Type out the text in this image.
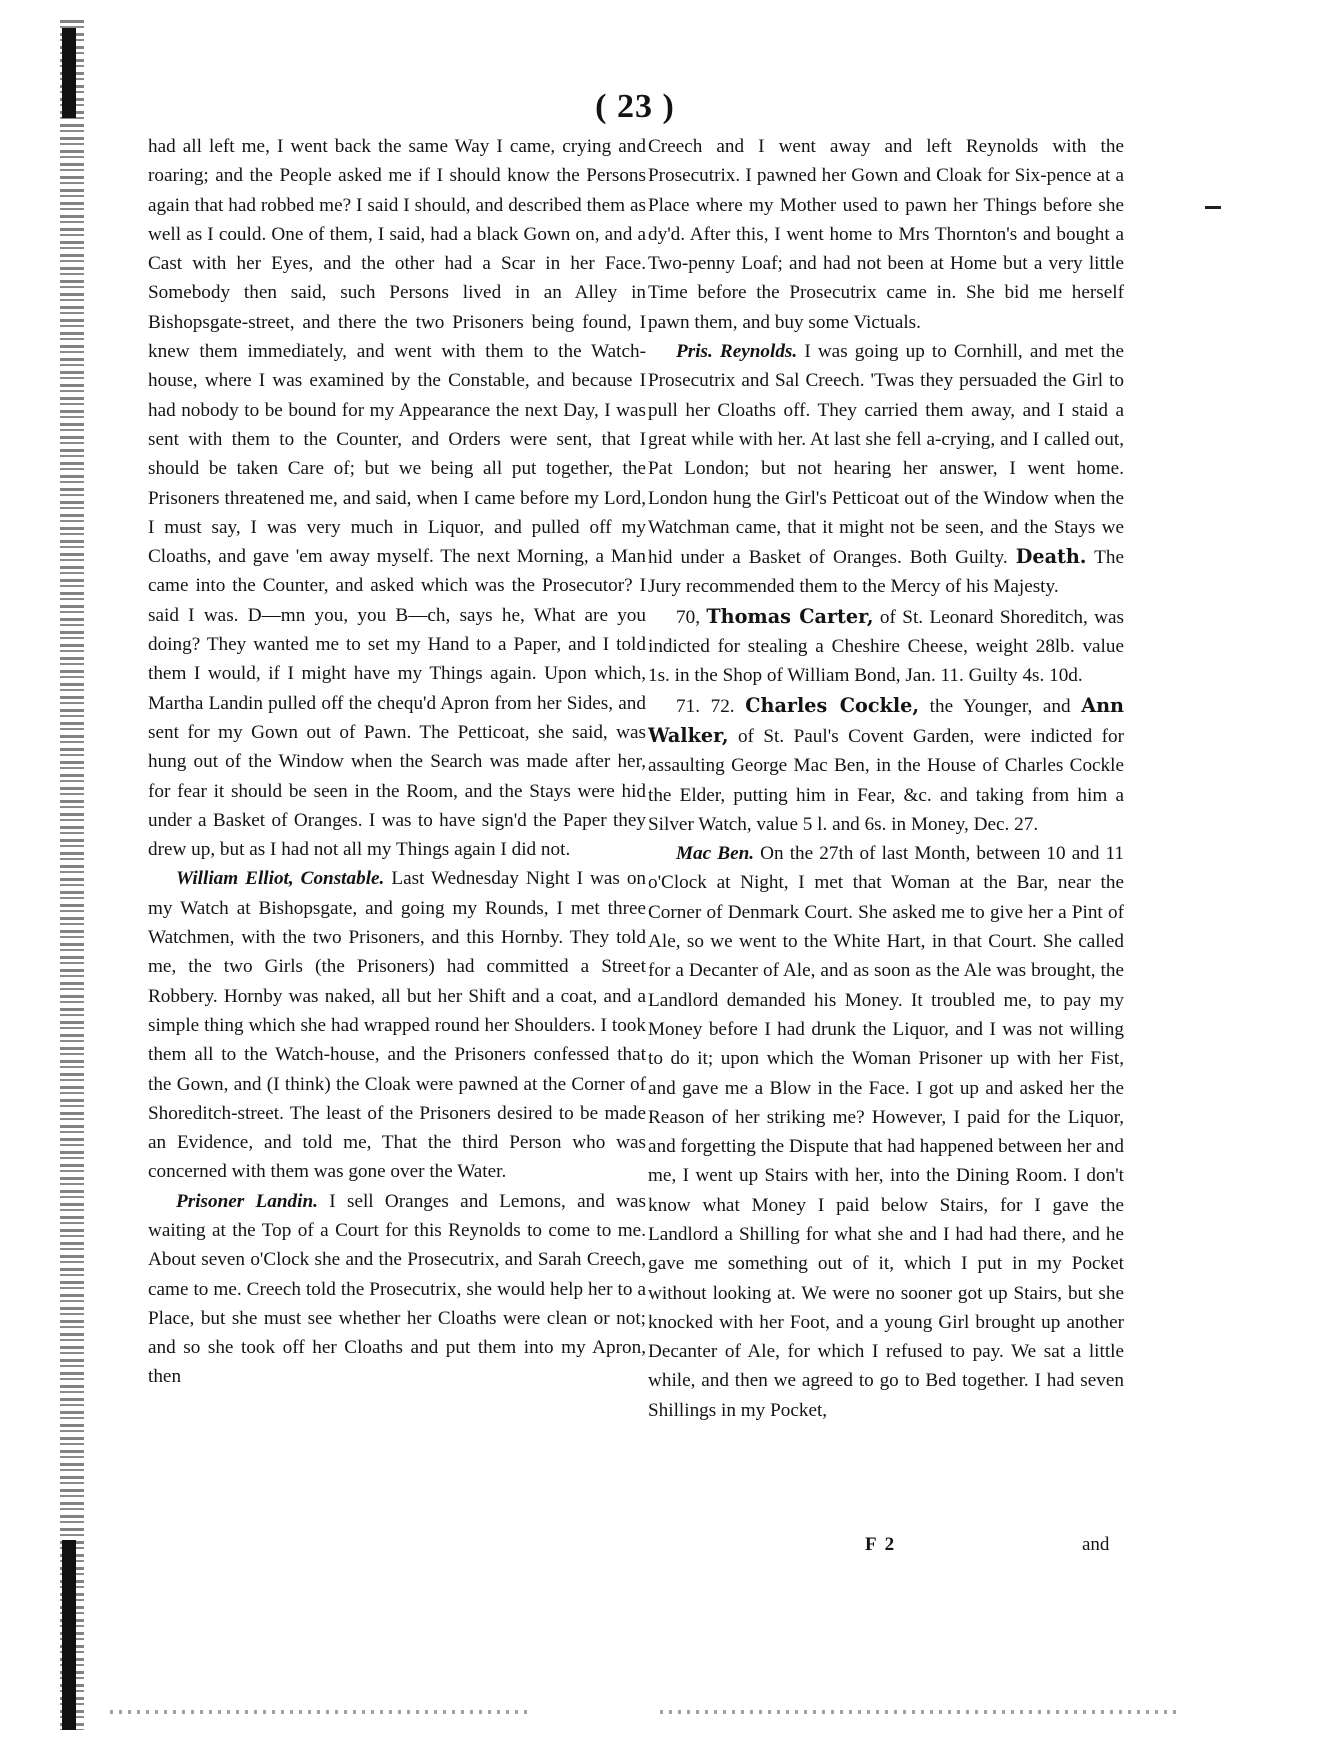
( 23 )

had all left me, I went back the same Way I came, crying and roaring; and the People asked me if I should know the Persons again that had robbed me? I said I should, and described them as well as I could. One of them, I said, had a black Gown on, and a Cast with her Eyes, and the other had a Scar in her Face. Somebody then said, such Persons lived in an Alley in Bishopsgate-street, and there the two Prisoners being found, I knew them immediately, and went with them to the Watch-house, where I was examined by the Constable, and because I had nobody to be bound for my Appearance the next Day, I was sent with them to the Counter, and Orders were sent, that I should be taken Care of; but we being all put together, the Prisoners threatened me, and said, when I came before my Lord, I must say, I was very much in Liquor, and pulled off my Cloaths, and gave 'em away myself. The next Morning, a Man came into the Counter, and asked which was the Prosecutor? I said I was. D—mn you, you B—ch, says he, What are you doing? They wanted me to set my Hand to a Paper, and I told them I would, if I might have my Things again. Upon which, Martha Landin pulled off the chequ'd Apron from her Sides, and sent for my Gown out of Pawn. The Petticoat, she said, was hung out of the Window when the Search was made after her, for fear it should be seen in the Room, and the Stays were hid under a Basket of Oranges. I was to have sign'd the Paper they drew up, but as I had not all my Things again I did not.

William Elliot, Constable. Last Wednesday Night I was on my Watch at Bishopsgate, and going my Rounds, I met three Watchmen, with the two Prisoners, and this Hornby. They told me, the two Girls (the Prisoners) had committed a Street Robbery. Hornby was naked, all but her Shift and a coat, and a simple thing which she had wrapped round her Shoulders. I took them all to the Watch-house, and the Prisoners confessed that the Gown, and (I think) the Cloak were pawned at the Corner of Shoreditch-street. The least of the Prisoners desired to be made an Evidence, and told me, That the third Person who was concerned with them was gone over the Water.

Prisoner Landin. I sell Oranges and Lemons, and was waiting at the Top of a Court for this Reynolds to come to me. About seven o'Clock she and the Prosecutrix, and Sarah Creech, came to me. Creech told the Prosecutrix, she would help her to a Place, but she must see whether her Cloaths were clean or not; and so she took off her Cloaths and put them into my Apron, then

Creech and I went away and left Reynolds with the Prosecutrix. I pawned her Gown and Cloak for Six-pence at a Place where my Mother used to pawn her Things before she dy'd. After this, I went home to Mrs Thornton's and bought a Two-penny Loaf; and had not been at Home but a very little Time before the Prosecutrix came in. She bid me herself pawn them, and buy some Victuals.

Pris. Reynolds. I was going up to Cornhill, and met the Prosecutrix and Sal Creech. 'Twas they persuaded the Girl to pull her Cloaths off. They carried them away, and I staid a great while with her. At last she fell a-crying, and I called out, Pat London; but not hearing her answer, I went home. London hung the Girl's Petticoat out of the Window when the Watchman came, that it might not be seen, and the Stays we hid under a Basket of Oranges. Both Guilty. Death. The Jury recommended them to the Mercy of his Majesty.

70, Thomas Carter, of St. Leonard Shoreditch, was indicted for stealing a Cheshire Cheese, weight 28lb. value 1s. in the Shop of William Bond, Jan. 11. Guilty 4s. 10d.

71. 72. Charles Cockle, the Younger, and Ann Walker, of St. Paul's Covent Garden, were indicted for assaulting George Mac Ben, in the House of Charles Cockle the Elder, putting him in Fear, &c. and taking from him a Silver Watch, value 5 l. and 6s. in Money, Dec. 27.

Mac Ben. On the 27th of last Month, between 10 and 11 o'Clock at Night, I met that Woman at the Bar, near the Corner of Denmark Court. She asked me to give her a Pint of Ale, so we went to the White Hart, in that Court. She called for a Decanter of Ale, and as soon as the Ale was brought, the Landlord demanded his Money. It troubled me, to pay my Money before I had drunk the Liquor, and I was not willing to do it; upon which the Woman Prisoner up with her Fist, and gave me a Blow in the Face. I got up and asked her the Reason of her striking me? However, I paid for the Liquor, and forgetting the Dispute that had happened between her and me, I went up Stairs with her, into the Dining Room. I don't know what Money I paid below Stairs, for I gave the Landlord a Shilling for what she and I had had there, and he gave me something out of it, which I put in my Pocket without looking at. We were no sooner got up Stairs, but she knocked with her Foot, and a young Girl brought up another Decanter of Ale, for which I refused to pay. We sat a little while, and then we agreed to go to Bed together. I had seven Shillings in my Pocket,

F 2	and
